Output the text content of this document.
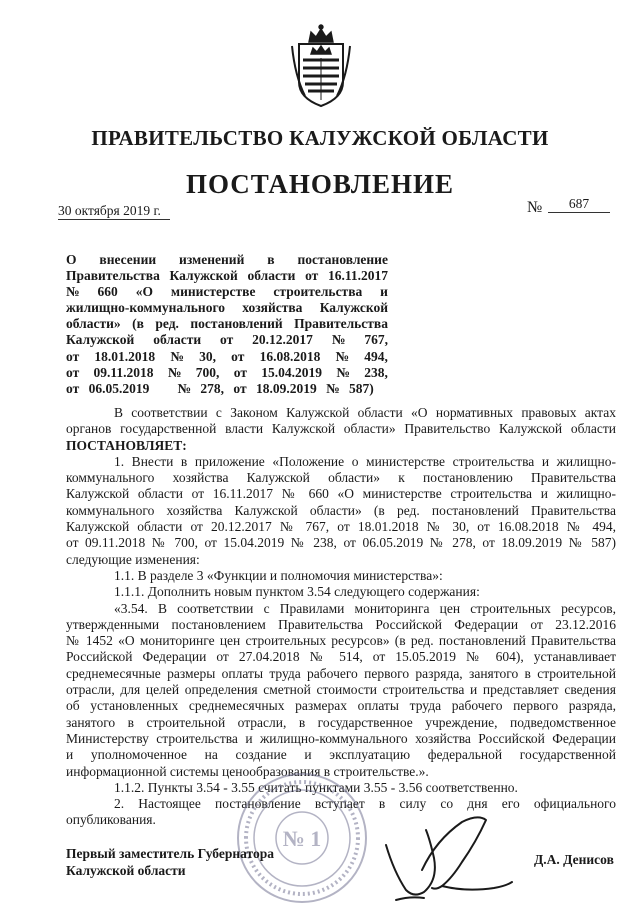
ПРАВИТЕЛЬСТВО КАЛУЖСКОЙ ОБЛАСТИ
ПОСТАНОВЛЕНИЕ
30 октября 2019 г.	№	687
О внесении изменений в постановление
Правительства Калужской области от 16.11.2017
№ 660 «О министерстве строительства и
жилищно-коммунального хозяйства Калужской
области» (в ред. постановлений Правительства
Калужской области от 20.12.2017 № 767,
от 18.01.2018 № 30, от 16.08.2018 № 494,
от 09.11.2018 № 700, от 15.04.2019 № 238,
от 06.05.2019
№ 278, от 18.09.2019 № 587)

В соответствии с Законом Калужской области «О нормативных правовых актах

органов государственной власти Калужской области» Правительство Калужской области

ПОСТАНОВЛЯЕТ:

1. Внести в приложение «Положение о министерстве строительства и жилищно-

коммунального хозяйства Калужской области» к постановлению Правительства

Калужской области от 16.11.2017 № 660 «О министерстве строительства и жилищно-

коммунального хозяйства Калужской области» (в ред. постановлений Правительства

Калужской области от 20.12.2017 № 767, от 18.01.2018 № 30, от 16.08.2018 № 494,

от 09.11.2018 № 700, от 15.04.2019 № 238, от 06.05.2019 № 278, от 18.09.2019 № 587)

следующие изменения:

1.1. В разделе 3 «Функции и полномочия министерства»:

1.1.1. Дополнить новым пунктом 3.54 следующего содержания:

«3.54. В соответствии с Правилами мониторинга цен строительных ресурсов,

утвержденными постановлением Правительства Российской Федерации от 23.12.2016

№ 1452 «О мониторинге цен строительных ресурсов» (в ред. постановлений Правительства

Российской Федерации от 27.04.2018 № 514, от 15.05.2019 № 604), устанавливает

среднемесячные размеры оплаты труда рабочего первого разряда, занятого в строительной

отрасли, для целей определения сметной стоимости строительства и представляет сведения

об установленных среднемесячных размерах оплаты труда рабочего первого разряда,

занятого в строительной отрасли, в государственное учреждение, подведомственное

Министерству строительства и жилищно-коммунального хозяйства Российской Федерации

и уполномоченное на создание и эксплуатацию федеральной государственной

информационной системы ценообразования в строительстве.».

1.1.2. Пункты 3.54 - 3.55 считать пунктами 3.55 - 3.56 соответственно.

2. Настоящее постановление вступает в силу со дня его официального

опубликования.

№ 1
Первый заместитель Губернатора
Калужской области
Д.А. Денисов
